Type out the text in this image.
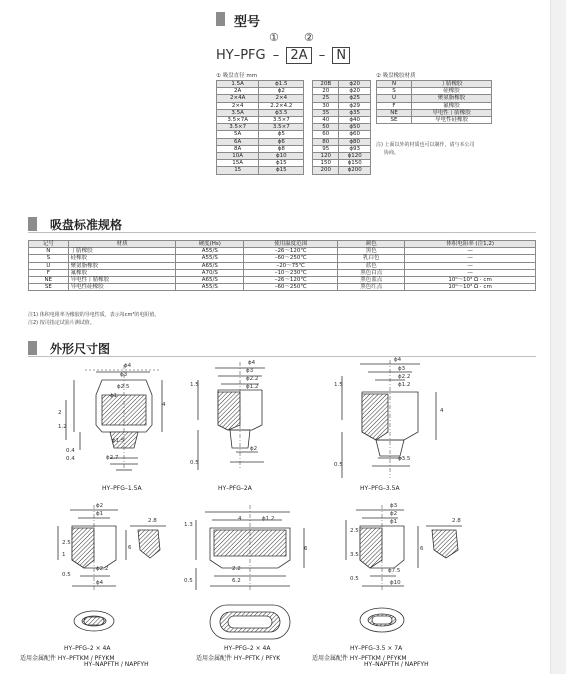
型号
① ②
HY–PFG – 2A – N
① 吸盘直径 mm
1.5A	ϕ1.5		20B	ϕ20
2A	ϕ2		20	ϕ20
2×4A	2×4		25	ϕ25
2×4	2.2×4.2		30	ϕ29
3.5A	ϕ3.5		35	ϕ35
3.5×7A	3.5×7		40	ϕ40
3.5×7	3.5×7		50	ϕ50
5A	ϕ5		60	ϕ60
6A	ϕ6		80	ϕ80
8A	ϕ8		95	ϕ93
10A	ϕ10		120	ϕ120
15A	ϕ15		150	ϕ150
15	ϕ15		200	ϕ200
② 吸盘橡胶材质
N	丁腈橡胶
S	硅橡胶
U	聚氨脂橡胶
F	氟橡胶
NE	导电性丁腈橡胶
SE	导电性硅橡胶
注) 上面以外的材质也可以制作，请与本公司
协商。
吸盘标准规格
记号	材质	硬度(Hs)	使用温度范围	颜色	体积电阻率 (注1,2)
N	丁腈橡胶	A55/S	–26～120℃	黑色	—
S	硅橡胶	A55/S	–60～250℃	乳白色	—
U	聚氨脂橡胶	A65/S	–20～75℃	蓝色	—
F	氟橡胶	A70/S	–10～230℃	黑色白点	—
NE	导电性丁腈橡胶	A65/S	–26～120℃	黑色蓝点	10⁰～10³ Ω · cm
SE	导电性硅橡胶	A55/S	–60～250℃	黑色红点	10⁰～10³ Ω · cm
注1) 体积电阻率为橡胶的导电性质，表示每cm³的电阻值。
注2) 按司指定试验片测试值。
外形尺寸图
ϕ4
ϕ3
ϕ2.5
ϕ1
ϕ1.5
ϕ2.7
2
1.2
4
0.4
0.4
ϕ4
ϕ3
ϕ2.2
ϕ1.2
ϕ2
1.5
0.5
ϕ4
ϕ3
ϕ2.2
ϕ1.2
ϕ3.5
4
1.5
0.5
ϕ2
ϕ1
2.8
2.5
1
0.5
ϕ2.2
ϕ4
6
4	ϕ1.2
1.3
6.2
2.2
0.5
6
ϕ3
ϕ2
ϕ1
2.5
0.5
3.5
ϕ7.5
ϕ10
2.8
6
HY–PFG–1.5A	HY–PFG–2A	HY–PFG–3.5A
HY–PFG–2 × 4A
适用金属配件 HY–PFTKM / PFYKM
HY–NAPFTH / NAPFYH
HY–PFG–2 × 4A
适用金属配件 HY–PFTK / PFYK
HY–PFG–3.5 × 7A
适用金属配件 HY–PFTKM / PFYKM
HY–NAPFTH / NAPFYH
